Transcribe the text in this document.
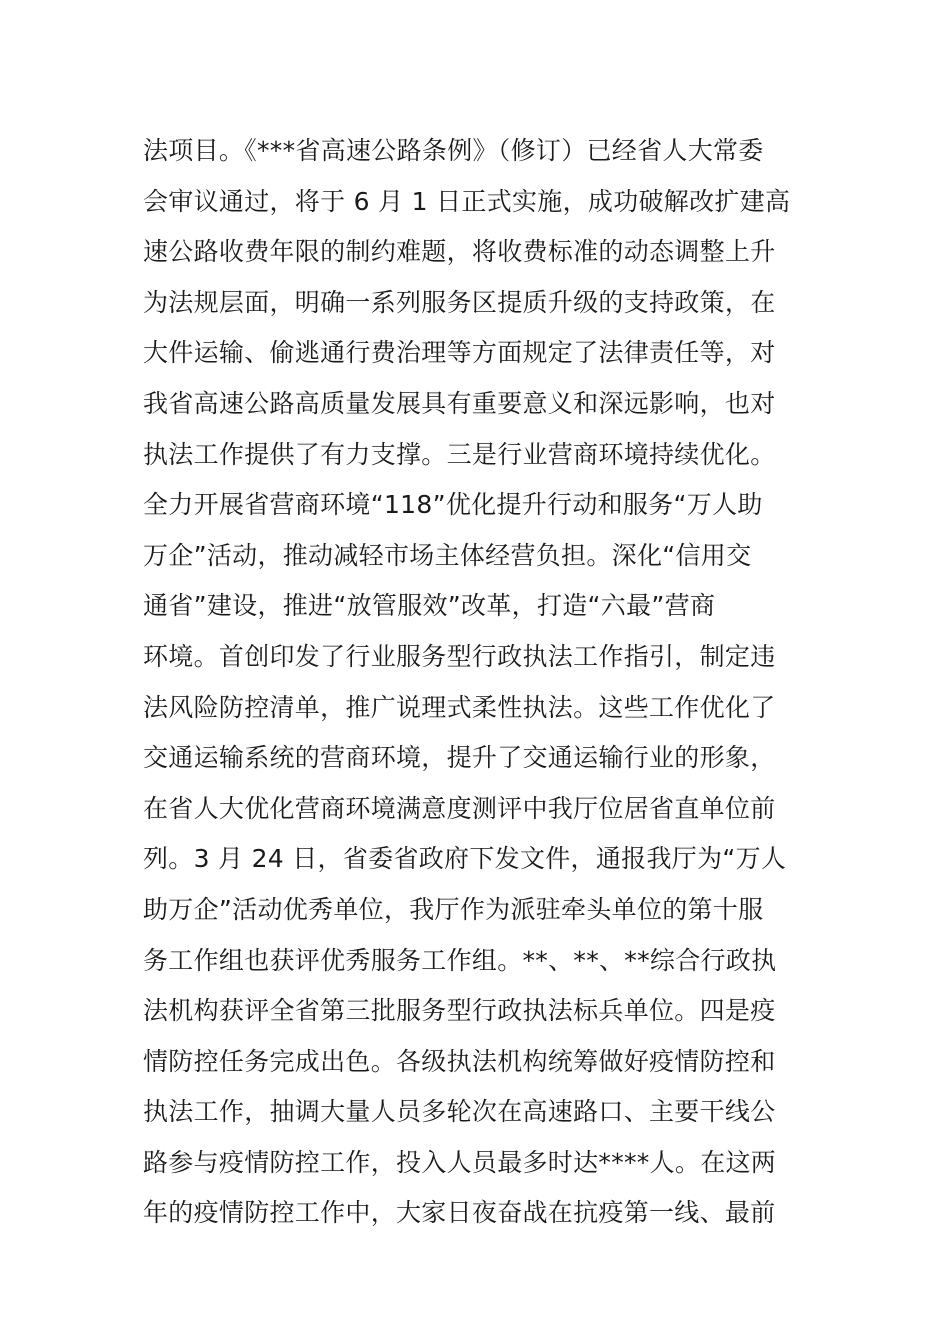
法项目。《***省高速公路条例》（修订）已经省人大常委
会审议通过，将于 6 月 1 日正式实施，成功破解改扩建高
速公路收费年限的制约难题，将收费标准的动态调整上升
为法规层面，明确一系列服务区提质升级的支持政策，在
大件运输、偷逃通行费治理等方面规定了法律责任等，对
我省高速公路高质量发展具有重要意义和深远影响，也对
执法工作提供了有力支撑。三是行业营商环境持续优化。
全力开展省营商环境“118”优化提升行动和服务“万人助
万企”活动，推动减轻市场主体经营负担。深化“信用交
通省”建设，推进“放管服效”改革，打造“六最”营商
环境。首创印发了行业服务型行政执法工作指引，制定违
法风险防控清单，推广说理式柔性执法。这些工作优化了
交通运输系统的营商环境，提升了交通运输行业的形象，
在省人大优化营商环境满意度测评中我厅位居省直单位前
列。3 月 24 日，省委省政府下发文件，通报我厅为“万人
助万企”活动优秀单位，我厅作为派驻牵头单位的第十服
务工作组也获评优秀服务工作组。**、**、**综合行政执
法机构获评全省第三批服务型行政执法标兵单位。四是疫
情防控任务完成出色。各级执法机构统筹做好疫情防控和
执法工作，抽调大量人员多轮次在高速路口、主要干线公
路参与疫情防控工作，投入人员最多时达****人。在这两
年的疫情防控工作中，大家日夜奋战在抗疫第一线、最前
